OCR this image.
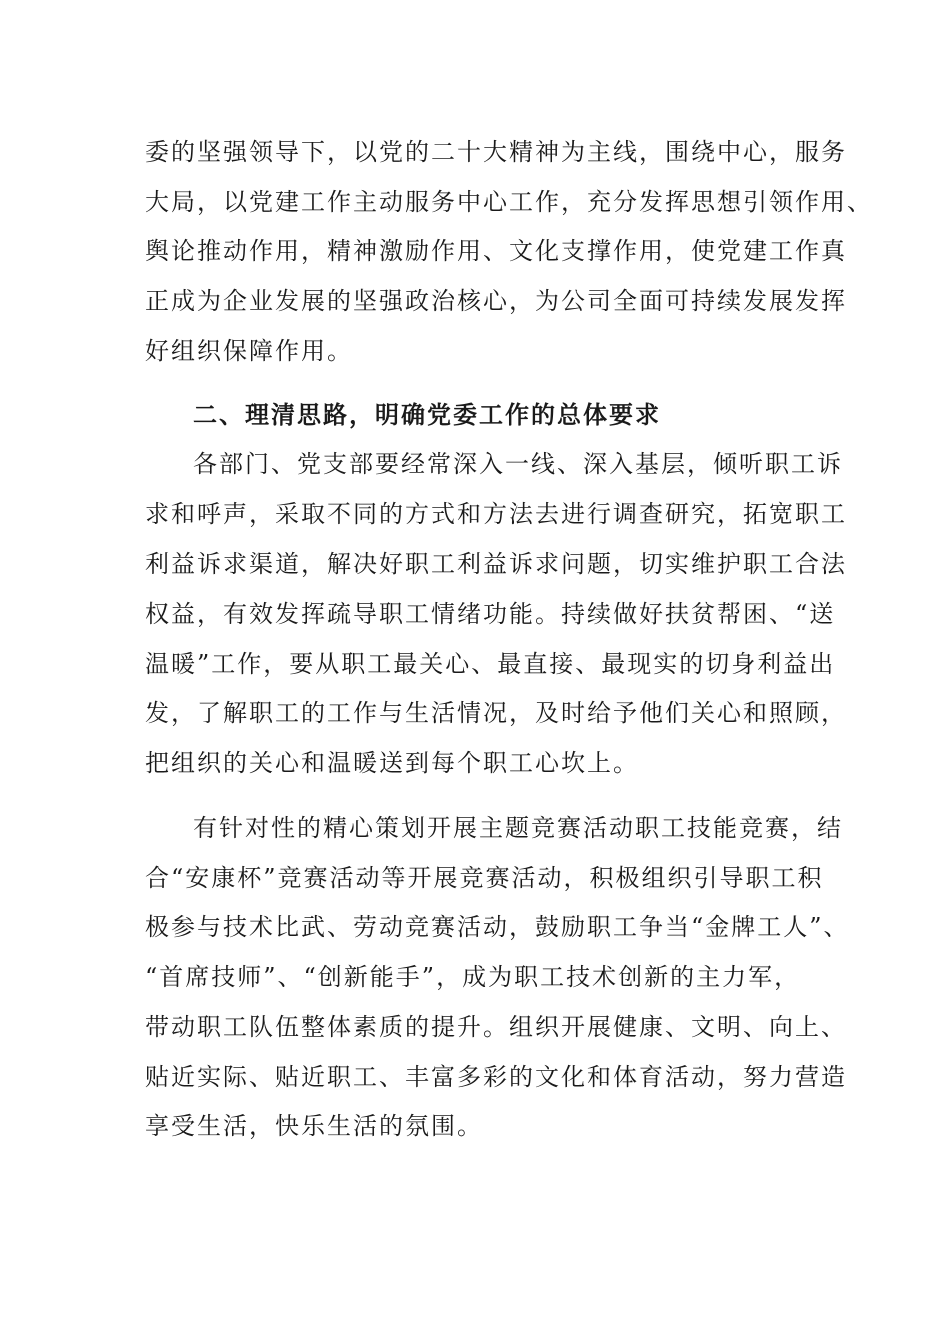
委的坚强领导下，以党的二十大精神为主线，围绕中心，服务
大局，以党建工作主动服务中心工作，充分发挥思想引领作用、
舆论推动作用，精神激励作用、文化支撑作用，使党建工作真
正成为企业发展的坚强政治核心，为公司全面可持续发展发挥
好组织保障作用。
二、理清思路，明确党委工作的总体要求
各部门、党支部要经常深入一线、深入基层，倾听职工诉
求和呼声，采取不同的方式和方法去进行调查研究，拓宽职工
利益诉求渠道，解决好职工利益诉求问题，切实维护职工合法
权益，有效发挥疏导职工情绪功能。持续做好扶贫帮困、“送
温暖”工作，要从职工最关心、最直接、最现实的切身利益出
发，了解职工的工作与生活情况，及时给予他们关心和照顾，
把组织的关心和温暖送到每个职工心坎上。
有针对性的精心策划开展主题竞赛活动职工技能竞赛，结
合“安康杯”竞赛活动等开展竞赛活动，积极组织引导职工积
极参与技术比武、劳动竞赛活动，鼓励职工争当“金牌工人”、
“首席技师”、“创新能手”，成为职工技术创新的主力军，
带动职工队伍整体素质的提升。组织开展健康、文明、向上、
贴近实际、贴近职工、丰富多彩的文化和体育活动，努力营造
享受生活，快乐生活的氛围。
